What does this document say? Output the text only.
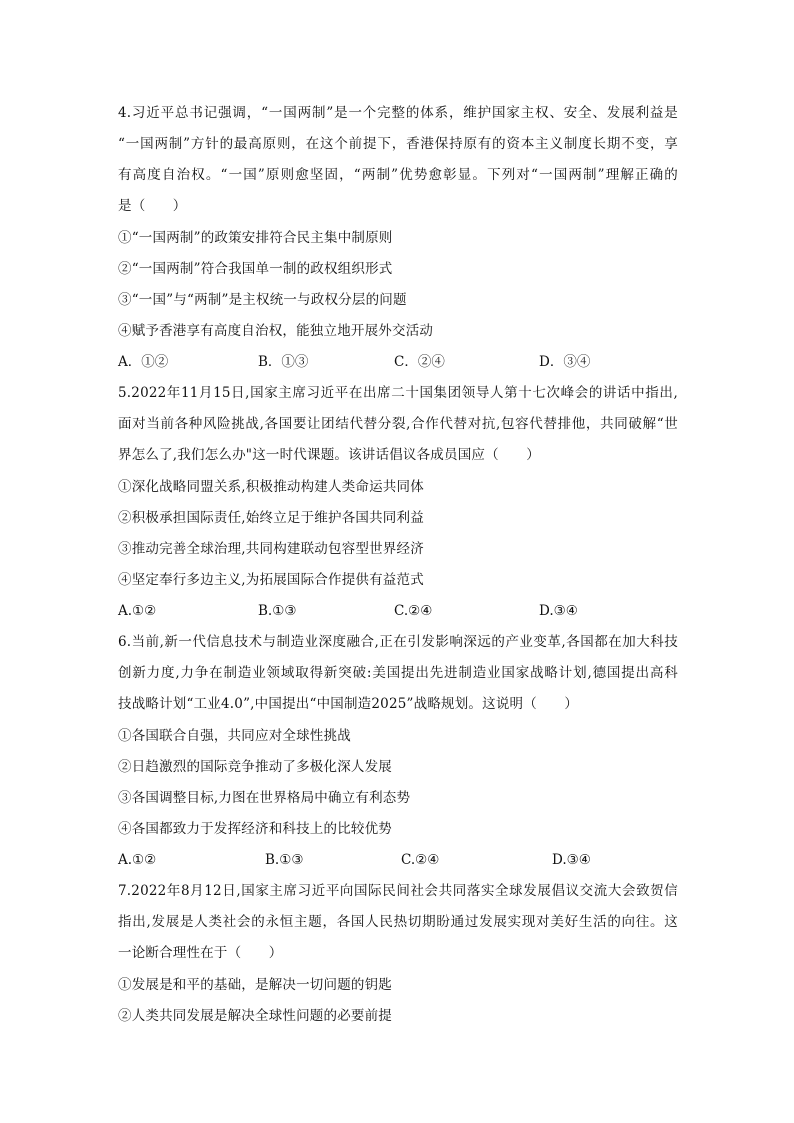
4.习近平总书记强调，“一国两制”是一个完整的体系，维护国家主权、安全、发展利益是
“一国两制”方针的最高原则，在这个前提下，香港保持原有的资本主义制度长期不变，享
有高度自治权。“一国”原则愈坚固，“两制”优势愈彰显。下列对“一国两制”理解正确的
是（　　）
①“一国两制”的政策安排符合民主集中制原则
②“一国两制”符合我国单一制的政权组织形式
③“一国”与“两制”是主权统一与政权分层的问题
④赋予香港享有高度自治权，能独立地开展外交活动
A．①②	B．①③	C．②④	D．③④
5.2022年11月15日,国家主席习近平在出席二十国集团领导人第十七次峰会的讲话中指出,
面对当前各种风险挑战,各国要让团结代替分裂,合作代替对抗,包容代替排他，共同破解“世
界怎么了,我们怎么办"这一时代课题。该讲话倡议各成员国应（　　）
①深化战略同盟关系,积极推动构建人类命运共同体
②积极承担国际责任,始终立足于维护各国共同利益
③推动完善全球治理,共同构建联动包容型世界经济
④坚定奉行多边主义,为拓展国际合作提供有益范式
A.①②	B.①③	C.②④	D.③④
6.当前,新一代信息技术与制造业深度融合,正在引发影响深远的产业变革,各国都在加大科技
创新力度,力争在制造业领域取得新突破:美国提出先进制造业国家战略计划,德国提出高科
技战略计划“工业4.0”,中国提出“中国制造2025”战略规划。这说明（　　）
①各国联合自强，共同应对全球性挑战
②日趋激烈的国际竞争推动了多极化深人发展
③各国调整目标,力图在世界格局中确立有利态势
④各国都致力于发挥经济和科技上的比较优势
A.①②	B.①③	C.②④	D.③④
7.2022年8月12日,国家主席习近平向国际民间社会共同落实全球发展倡议交流大会致贺信
指出,发展是人类社会的永恒主题，各国人民热切期盼通过发展实现对美好生活的向往。这
一论断合理性在于（　　）
①发展是和平的基础，是解决一切问题的钥匙
②人类共同发展是解决全球性问题的必要前提
